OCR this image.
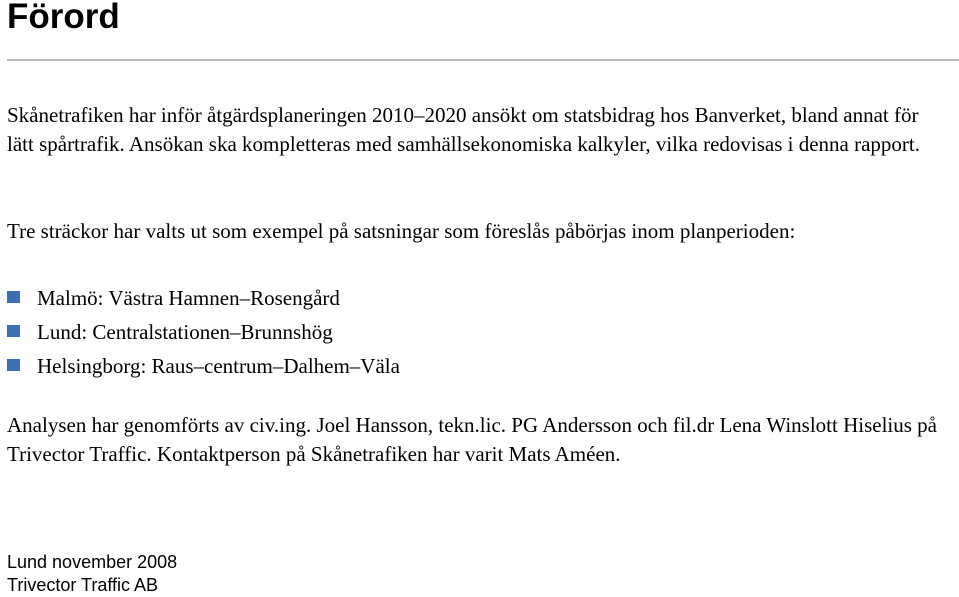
Förord

Skånetrafiken har inför åtgärdsplaneringen 2010–2020 ansökt om statsbidrag hos Banverket, bland annat för lätt spårtrafik. Ansökan ska kompletteras med samhällsekonomiska kalkyler, vilka redovisas i denna rapport.

Tre sträckor har valts ut som exempel på satsningar som föreslås påbörjas inom planperioden:

Malmö: Västra Hamnen–Rosengård
Lund: Centralstationen–Brunnshög
Helsingborg: Raus–centrum–Dalhem–Väla

Analysen har genomförts av civ.ing. Joel Hansson, tekn.lic. PG Andersson och fil.dr Lena Winslott Hiselius på Trivector Traffic. Kontaktperson på Skånetrafiken har varit Mats Améen.

Lund november 2008
Trivector Traffic AB
